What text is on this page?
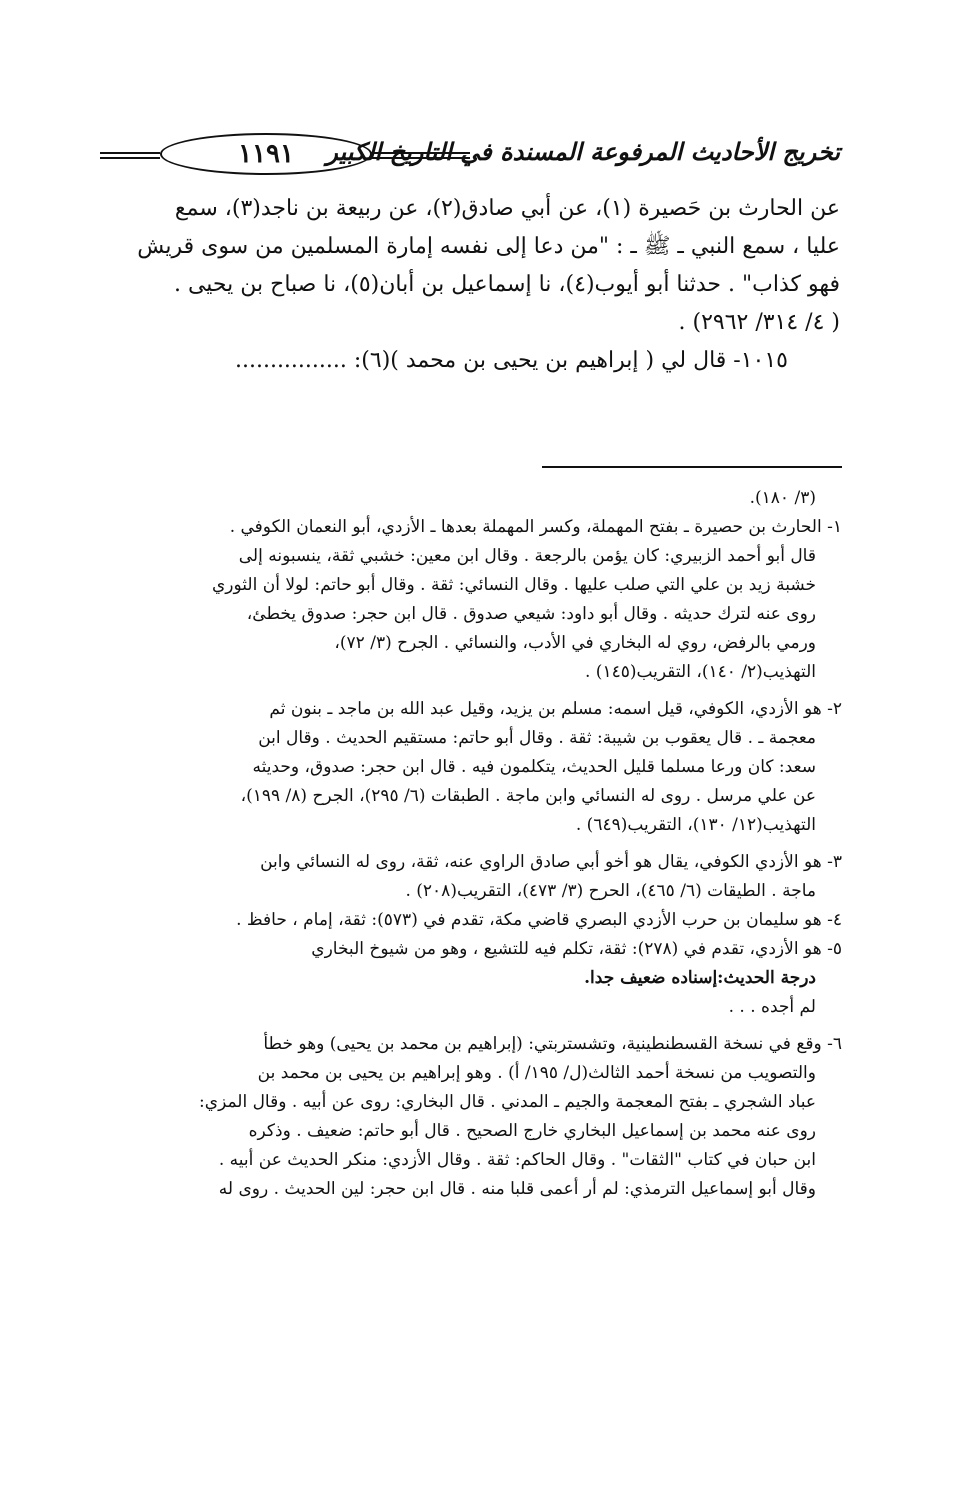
تخريج الأحاديث المرفوعة المسندة في التاريخ الكبير
١١٩١

عن الحارث بن حَصيرة (١)، عن أبي صادق(٢)، عن ربيعة بن ناجد(٣)، سمع

عليا ، سمع النبي ـ ﷺ ـ : "من دعا إلى نفسه إمارة المسلمين من سوى قريش

فهو كذاب" . حدثنا أبو أيوب(٤)، نا إسماعيل بن أبان(٥)، نا صباح بن يحيى .

( ٤/ ٣١٤/ ٢٩٦٢) .

١٠١٥- قال لي ( إبراهيم بن يحيى بن محمد )(٦): ................

(٣/ ١٨٠).

١- الحارث بن حصيرة ـ بفتح المهملة، وكسر المهملة بعدها ـ الأزدي، أبو النعمان الكوفي .

قال أبو أحمد الزبيري: كان يؤمن بالرجعة . وقال ابن معين: خشبي ثقة، ينسبونه إلى

خشبة زيد بن علي التي صلب عليها . وقال النسائي: ثقة . وقال أبو حاتم: لولا أن الثوري

روى عنه لترك حديثه . وقال أبو داود: شيعي صدوق . قال ابن حجر: صدوق يخطئ،

ورمي بالرفض، روي له البخاري في الأدب، والنسائي . الجرح (٣/ ٧٢)،

التهذيب(٢/ ١٤٠)، التقريب(١٤٥) .

٢- هو الأزدي، الكوفي، قيل اسمه: مسلم بن يزيد، وقيل عبد الله بن ماجد ـ بنون ثم

معجمة ـ . قال يعقوب بن شيبة: ثقة . وقال أبو حاتم: مستقيم الحديث . وقال ابن

سعد: كان ورعا مسلما قليل الحديث، يتكلمون فيه . قال ابن حجر: صدوق، وحديثه

عن علي مرسل . روى له النسائي وابن ماجة . الطبقات (٦/ ٢٩٥)، الجرح (٨/ ١٩٩)،

التهذيب(١٢/ ١٣٠)، التقريب(٦٤٩) .

٣- هو الأزدي الكوفي، يقال هو أخو أبي صادق الراوي عنه، ثقة، روى له النسائي وابن

ماجة . الطيقات (٦/ ٤٦٥)، الحرح (٣/ ٤٧٣)، التقريب(٢٠٨) .

٤- هو سليمان بن حرب الأزدي البصري قاضي مكة، تقدم في (٥٧٣): ثقة، إمام ، حافظ .

٥- هو الأزدي، تقدم في (٢٧٨): ثقة، تكلم فيه للتشيع ، وهو من شيوخ البخاري

درجة الحديث:إسناده ضعيف جدا.

لم أجده . . .

٦- وقع في نسخة القسطنطينية، وتشستربتي: (إبراهيم بن محمد بن يحيى) وهو خطأ

والتصويب من نسخة أحمد الثالث(ل/ ١٩٥/ أ) . وهو إبراهيم بن يحيى بن محمد بن

عباد الشجري ـ بفتح المعجمة والجيم ـ المدني . قال البخاري: روى عن أبيه . وقال المزي:

روى عنه محمد بن إسماعيل البخاري خارج الصحيح . قال أبو حاتم: ضعيف . وذكره

ابن حبان في كتاب "الثقات" . وقال الحاكم: ثقة . وقال الأزدي: منكر الحديث عن أبيه .

وقال أبو إسماعيل الترمذي: لم أر أعمى قلبا منه . قال ابن حجر: لين الحديث . روى له
